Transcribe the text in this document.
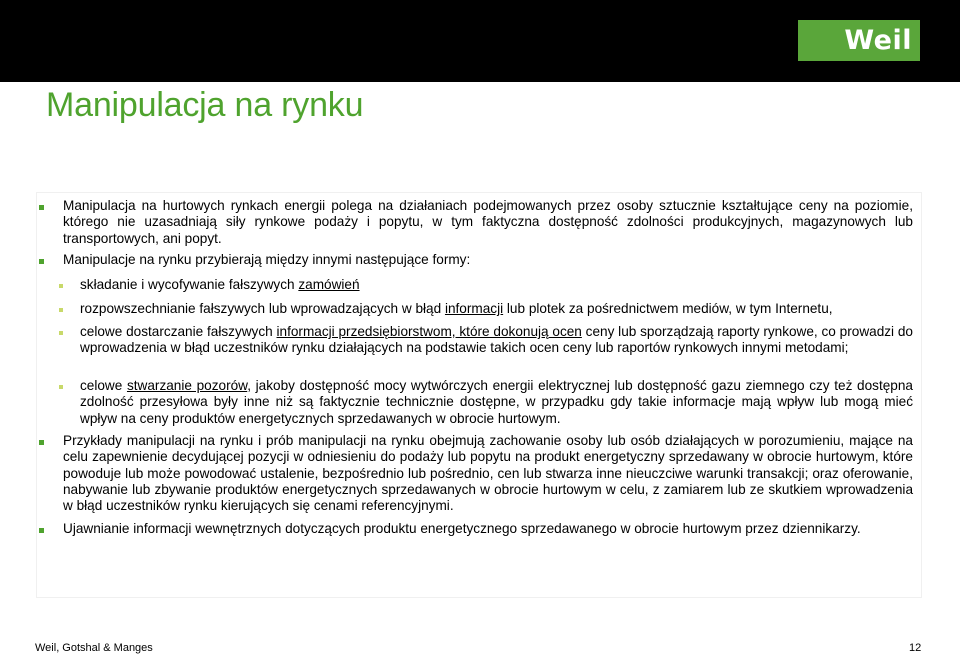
Weil
Manipulacja na rynku

Manipulacja na hurtowych rynkach energii polega na działaniach podejmowanych przez osoby sztucznie kształtujące ceny na poziomie, którego nie uzasadniają siły rynkowe podaży i popytu, w tym faktyczna dostępność zdolności produkcyjnych, magazynowych lub transportowych, ani popyt.

Manipulacje na rynku przybierają między innymi następujące formy:

składanie i wycofywanie fałszywych zamówień

rozpowszechnianie fałszywych lub wprowadzających w błąd informacji lub plotek za pośrednictwem mediów, w tym Internetu,

celowe dostarczanie fałszywych informacji przedsiębiorstwom, które dokonują ocen ceny lub sporządzają raporty rynkowe, co prowadzi do wprowadzenia w błąd uczestników rynku działających na podstawie takich ocen ceny lub raportów rynkowych innymi metodami;

celowe stwarzanie pozorów, jakoby dostępność mocy wytwórczych energii elektrycznej lub dostępność gazu ziemnego czy też dostępna zdolność przesyłowa były inne niż są faktycznie technicznie dostępne, w przypadku gdy takie informacje mają wpływ lub mogą mieć wpływ na ceny produktów energetycznych sprzedawanych w obrocie hurtowym.

Przykłady manipulacji na rynku i prób manipulacji na rynku obejmują zachowanie osoby lub osób działających w porozumieniu, mające na celu zapewnienie decydującej pozycji w odniesieniu do podaży lub popytu na produkt energetyczny sprzedawany w obrocie hurtowym, które powoduje lub może powodować ustalenie, bezpośrednio lub pośrednio, cen lub stwarza inne nieuczciwe warunki transakcji; oraz oferowanie, nabywanie lub zbywanie produktów energetycznych sprzedawanych w obrocie hurtowym w celu, z zamiarem lub ze skutkiem wprowadzenia w błąd uczestników rynku kierujących się cenami referencyjnymi.

Ujawnianie informacji wewnętrznych dotyczących produktu energetycznego sprzedawanego w obrocie hurtowym przez dziennikarzy.

Weil, Gotshal & Manges	12
